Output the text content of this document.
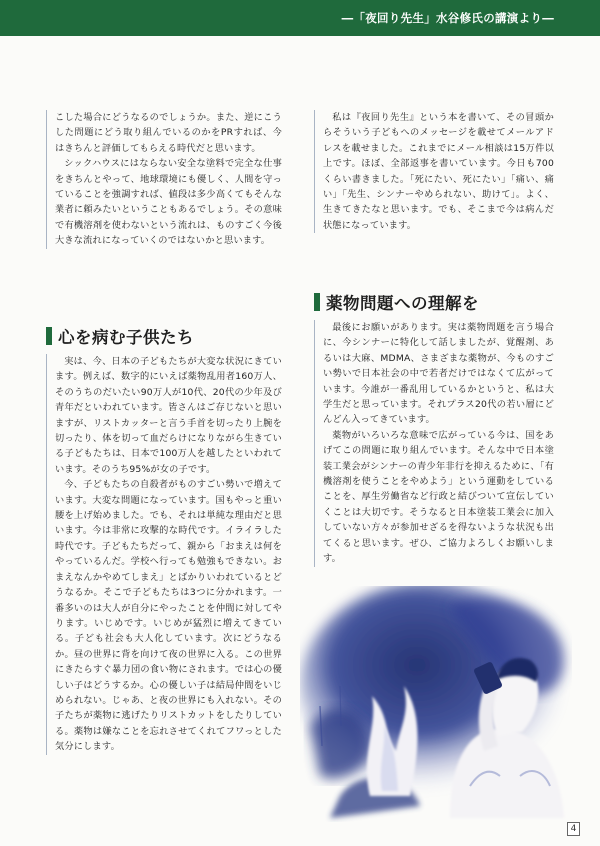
―「夜回り先生」水谷修氏の講演より―

こした場合にどうなるのでしょうか。また、逆にこうした問題にどう取り組んでいるのかをPRすれば、今はきちんと評価してもらえる時代だと思います。

シックハウスにはならない安全な塗料で完全な仕事をきちんとやって、地球環境にも優しく、人間を守っていることを強調すれば、値段は多少高くてもそんな業者に頼みたいということもあるでしょう。その意味で有機溶剤を使わないという流れは、ものすごく今後大きな流れになっていくのではないかと思います。

心を病む子供たち

実は、今、日本の子どもたちが大変な状況にきています。例えば、数字的にいえば薬物乱用者160万人、そのうちのだいたい90万人が10代、20代の少年及び青年だといわれています。皆さんはご存じないと思いますが、リストカッターと言う手首を切ったり上腕を切ったり、体を切って血だらけになりながら生きている子どもたちは、日本で100万人を越したといわれています。そのうち95%が女の子です。

今、子どもたちの自殺者がものすごい勢いで増えています。大変な問題になっています。国もやっと重い腰を上げ始めました。でも、それは単純な理由だと思います。今は非常に攻撃的な時代です。イライラした時代です。子どもたちだって、親から「おまえは何をやっているんだ。学校へ行っても勉強もできない。おまえなんかやめてしまえ」とばかりいわれているとどうなるか。そこで子どもたちは3つに分かれます。一番多いのは大人が自分にやったことを仲間に対してやります。いじめです。いじめが猛烈に増えてきている。子ども社会も大人化しています。次にどうなるか。昼の世界に背を向けて夜の世界に入る。この世界にきたらすぐ暴力団の食い物にされます。では心の優しい子はどうするか。心の優しい子は結局仲間をいじめられない。じゃあ、と夜の世界にも入れない。その子たちが薬物に逃げたりリストカットをしたりしている。薬物は嫌なことを忘れさせてくれてフワっとした気分にします。

私は『夜回り先生』という本を書いて、その冒頭からそういう子どもへのメッセージを載せてメールアドレスを載せました。これまでにメール相談は15万件以上です。ほぼ、全部返事を書いています。今日も700くらい書きました。「死にたい、死にたい」「痛い、痛い」「先生、シンナーやめられない、助けて」。よく、生きてきたなと思います。でも、そこまで今は病んだ状態になっています。

薬物問題への理解を

最後にお願いがあります。実は薬物問題を言う場合に、今シンナーに特化して話しましたが、覚醒剤、あるいは大麻、MDMA、さまざまな薬物が、今ものすごい勢いで日本社会の中で若者だけではなくて広がっています。今誰が一番乱用しているかというと、私は大学生だと思っています。それプラス20代の若い層にどんどん入ってきています。

薬物がいろいろな意味で広がっている今は、国をあげてこの問題に取り組んでいます。そんな中で日本塗装工業会がシンナーの青少年非行を抑えるために、「有機溶剤を使うことをやめよう」という運動をしていることを、厚生労働省など行政と結びついて宣伝していくことは大切です。そうなると日本塗装工業会に加入していない方々が参加せざるを得ないような状況も出てくると思います。ぜひ、ご協力よろしくお願いします。

4
